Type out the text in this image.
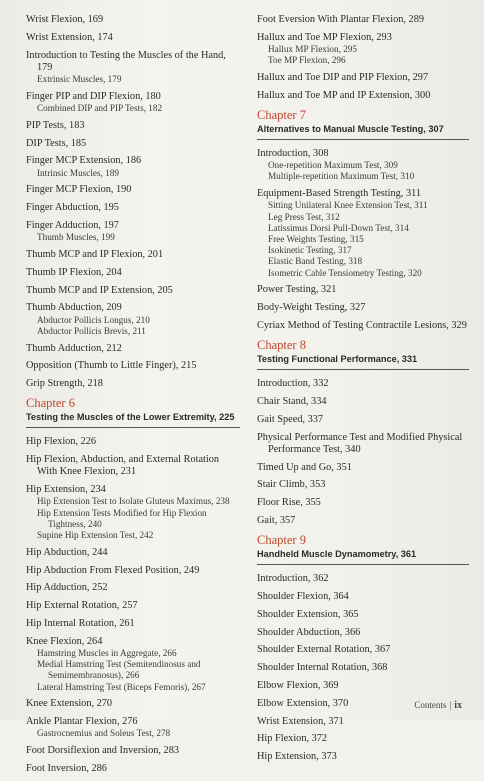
Wrist Flexion, 169
Wrist Extension, 174
Introduction to Testing the Muscles of the Hand, 179
Extrinsic Muscles, 179
Finger PIP and DIP Flexion, 180
Combined DIP and PIP Tests, 182
PIP Tests, 183
DIP Tests, 185
Finger MCP Extension, 186
Intrinsic Muscles, 189
Finger MCP Flexion, 190
Finger Abduction, 195
Finger Adduction, 197
Thumb Muscles, 199
Thumb MCP and IP Flexion, 201
Thumb IP Flexion, 204
Thumb MCP and IP Extension, 205
Thumb Abduction, 209
Abductor Pollicis Longus, 210
Abductor Pollicis Brevis, 211
Thumb Adduction, 212
Opposition (Thumb to Little Finger), 215
Grip Strength, 218
Chapter 6
Testing the Muscles of the Lower Extremity, 225
Hip Flexion, 226
Hip Flexion, Abduction, and External Rotation With Knee Flexion, 231
Hip Extension, 234
Hip Extension Test to Isolate Gluteus Maximus, 238
Hip Extension Tests Modified for Hip Flexion Tightness, 240
Supine Hip Extension Test, 242
Hip Abduction, 244
Hip Abduction From Flexed Position, 249
Hip Adduction, 252
Hip External Rotation, 257
Hip Internal Rotation, 261
Knee Flexion, 264
Hamstring Muscles in Aggregate, 266
Medial Hamstring Test (Semitendinosus and Semimembranosus), 266
Lateral Hamstring Test (Biceps Femoris), 267
Knee Extension, 270
Ankle Plantar Flexion, 276
Gastrocnemius and Soleus Test, 278
Foot Dorsiflexion and Inversion, 283
Foot Inversion, 286
Foot Eversion With Plantar Flexion, 289
Hallux and Toe MP Flexion, 293
Hallux MP Flexion, 295
Toe MP Flexion, 296
Hallux and Toe DIP and PIP Flexion, 297
Hallux and Toe MP and IP Extension, 300
Chapter 7
Alternatives to Manual Muscle Testing, 307
Introduction, 308
One-repetition Maximum Test, 309
Multiple-repetition Maximum Test, 310
Equipment-Based Strength Testing, 311
Sitting Unilateral Knee Extension Test, 311
Leg Press Test, 312
Latissimus Dorsi Pull-Down Test, 314
Free Weights Testing, 315
Isokinetic Testing, 317
Elastic Band Testing, 318
Isometric Cable Tensiometry Testing, 320
Power Testing, 321
Body-Weight Testing, 327
Cyriax Method of Testing Contractile Lesions, 329
Chapter 8
Testing Functional Performance, 331
Introduction, 332
Chair Stand, 334
Gait Speed, 337
Physical Performance Test and Modified Physical Performance Test, 340
Timed Up and Go, 351
Stair Climb, 353
Floor Rise, 355
Gait, 357
Chapter 9
Handheld Muscle Dynamometry, 361
Introduction, 362
Shoulder Flexion, 364
Shoulder Extension, 365
Shoulder Abduction, 366
Shoulder External Rotation, 367
Shoulder Internal Rotation, 368
Elbow Flexion, 369
Elbow Extension, 370
Wrist Extension, 371
Hip Flexion, 372
Hip Extension, 373
Contents | ix
